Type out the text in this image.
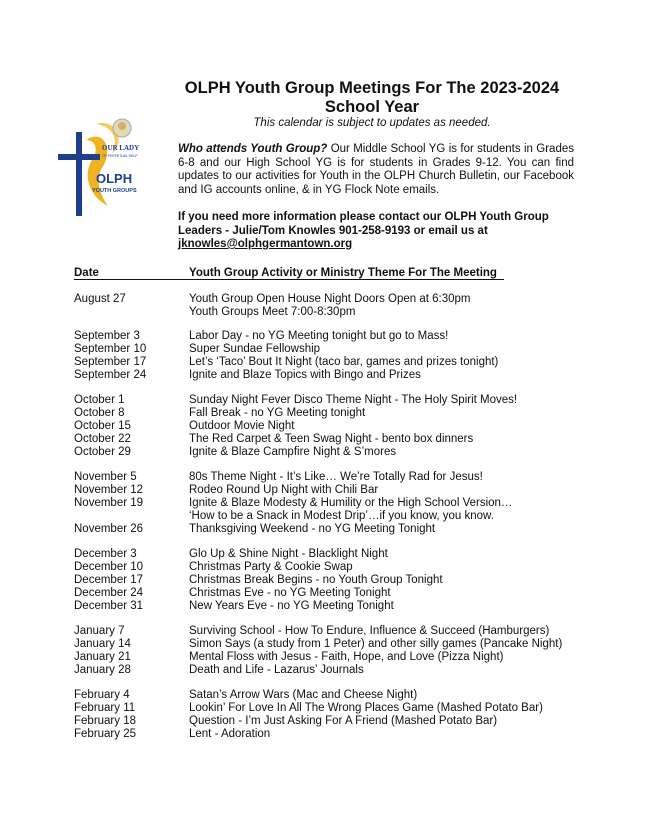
OUR LADY
OF PERPETUAL HELP
OLPH
YOUTH GROUPS
OLPH Youth Group Meetings For The 2023-2024 School Year
This calendar is subject to updates as needed.
Who attends Youth Group? Our Middle School YG is for students in Grades 6-8 and our High School YG is for students in Grades 9-12. You can find updates to our activities for Youth in the OLPH Church Bulletin, our Facebook and IG accounts online, & in YG Flock Note emails.
If you need more information please contact our OLPH Youth Group Leaders - Julie/Tom Knowles 901-258-9193 or email us at
jknowles@olphgermantown.org
Date	Youth Group Activity or Ministry Theme For The Meeting
August 27	Youth Group Open House Night Doors Open at 6:30pm
Youth Groups Meet 7:00-8:30pm
September 3	Labor Day - no YG Meeting tonight but go to Mass!
September 10	Super Sundae Fellowship
September 17	Let’s ‘Taco’ Bout It Night (taco bar, games and prizes tonight)
September 24	Ignite and Blaze Topics with Bingo and Prizes
October 1	Sunday Night Fever Disco Theme Night - The Holy Spirit Moves!
October 8	Fall Break - no YG Meeting tonight
October 15	Outdoor Movie Night
October 22	The Red Carpet & Teen Swag Night - bento box dinners
October 29	Ignite & Blaze Campfire Night & S’mores
November 5	80s Theme Night - It’s Like… We’re Totally Rad for Jesus!
November 12	Rodeo Round Up Night with Chili Bar
November 19	Ignite & Blaze Modesty & Humility or the High School Version…
‘How to be a Snack in Modest Drip’…if you know, you know.
November 26	Thanksgiving Weekend - no YG Meeting Tonight
December 3	Glo Up & Shine Night - Blacklight Night
December 10	Christmas Party & Cookie Swap
December 17	Christmas Break Begins - no Youth Group Tonight
December 24	Christmas Eve - no YG Meeting Tonight
December 31	New Years Eve - no YG Meeting Tonight
January 7	Surviving School - How To Endure, Influence & Succeed (Hamburgers)
January 14	Simon Says (a study from 1 Peter) and other silly games (Pancake Night)
January 21	Mental Floss with Jesus - Faith, Hope, and Love (Pizza Night)
January 28	Death and Life - Lazarus’ Journals
February 4	Satan’s Arrow Wars (Mac and Cheese Night)
February 11	Lookin’ For Love In All The Wrong Places Game (Mashed Potato Bar)
February 18	Question - I’m Just Asking For A Friend (Mashed Potato Bar)
February 25	Lent - Adoration
